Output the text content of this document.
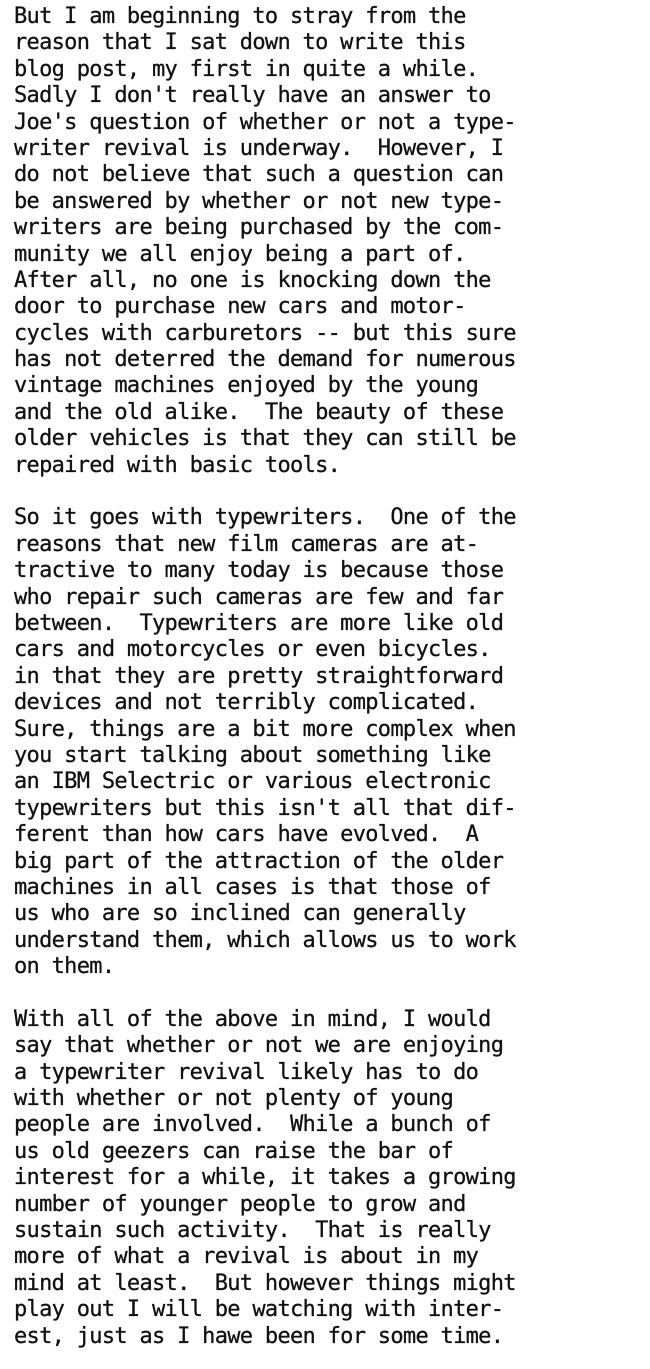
But I am beginning to stray from the
reason that I sat down to write this
blog post, my first in quite a while.
Sadly I don't really have an answer to
Joe's question of whether or not a type-
writer revival is underway.  However, I
do not believe that such a question can
be answered by whether or not new type-
writers are being purchased by the com-
munity we all enjoy being a part of.
After all, no one is knocking down the
door to purchase new cars and motor-
cycles with carburetors -- but this sure
has not deterred the demand for numerous
vintage machines enjoyed by the young
and the old alike.  The beauty of these
older vehicles is that they can still be
repaired with basic tools.
So it goes with typewriters.  One of the
reasons that new film cameras are at-
tractive to many today is because those
who repair such cameras are few and far
between.  Typewriters are more like old
cars and motorcycles or even bicycles.
in that they are pretty straightforward
devices and not terribly complicated.
Sure, things are a bit more complex when
you start talking about something like
an IBM Selectric or various electronic
typewriters but this isn't all that dif-
ferent than how cars have evolved.  A
big part of the attraction of the older
machines in all cases is that those of
us who are so inclined can generally
understand them, which allows us to work
on them.
With all of the above in mind, I would
say that whether or not we are enjoying
a typewriter revival likely has to do
with whether or not plenty of young
people are involved.  While a bunch of
us old geezers can raise the bar of
interest for a while, it takes a growing
number of younger people to grow and
sustain such activity.  That is really
more of what a revival is about in my
mind at least.  But however things might
play out I will be watching with inter-
est, just as I hawe been for some time.
